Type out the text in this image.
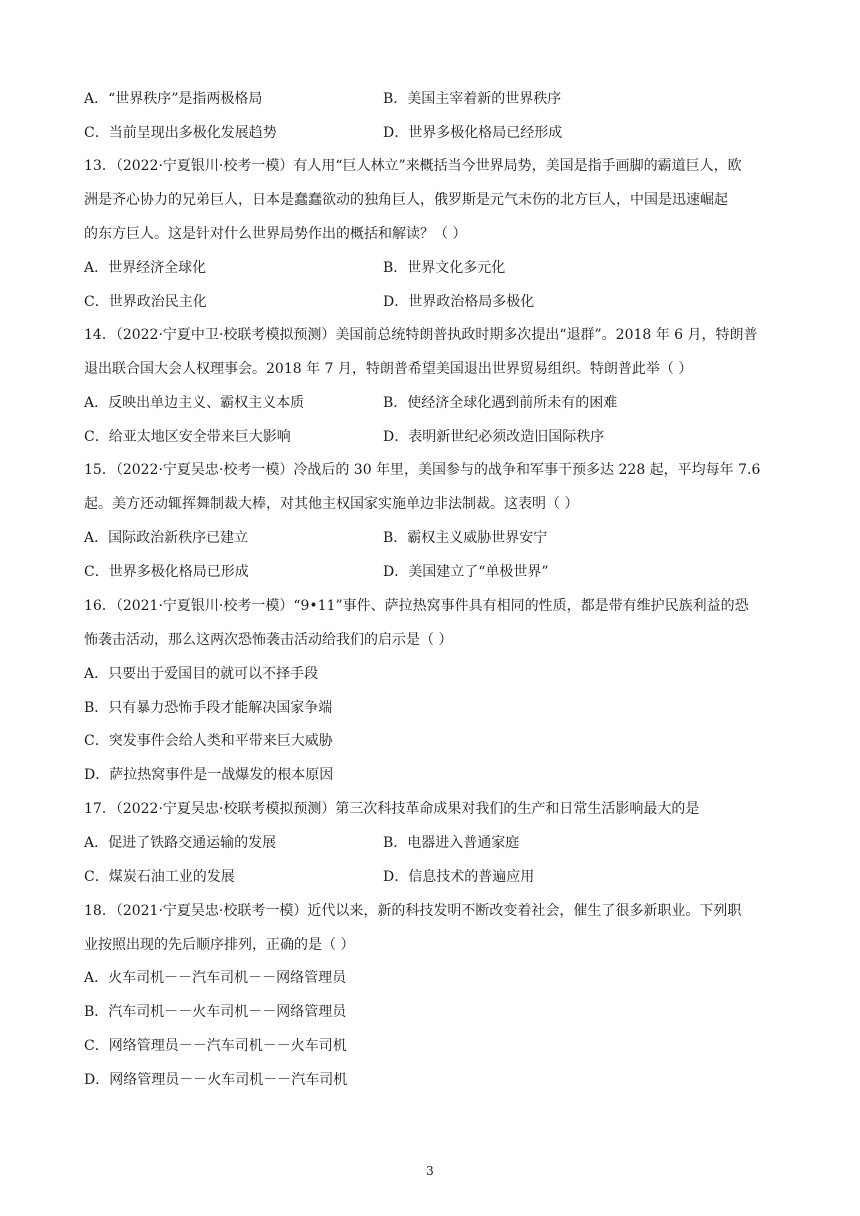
A．“世界秩序”是指两极格局	B．美国主宰着新的世界秩序
C．当前呈现出多极化发展趋势	D．世界多极化格局已经形成
13．（2022·宁夏银川·校考一模）有人用“巨人林立”来概括当今世界局势，美国是指手画脚的霸道巨人，欧
洲是齐心协力的兄弟巨人，日本是蠢蠢欲动的独角巨人，俄罗斯是元气未伤的北方巨人，中国是迅速崛起
的东方巨人。这是针对什么世界局势作出的概括和解读？（ ）
A．世界经济全球化	B．世界文化多元化
C．世界政治民主化	D．世界政治格局多极化
14．（2022·宁夏中卫·校联考模拟预测）美国前总统特朗普执政时期多次提出“退群”。2018 年 6 月，特朗普
退出联合国大会人权理事会。2018 年 7 月，特朗普希望美国退出世界贸易组织。特朗普此举（ ）
A．反映出单边主义、霸权主义本质	B．使经济全球化遇到前所未有的困难
C．给亚太地区安全带来巨大影响	D．表明新世纪必须改造旧国际秩序
15．（2022·宁夏吴忠·校考一模）冷战后的 30 年里，美国参与的战争和军事干预多达 228 起，平均每年 7.6
起。美方还动辄挥舞制裁大棒，对其他主权国家实施单边非法制裁。这表明（ ）
A．国际政治新秩序已建立	B．霸权主义威胁世界安宁
C．世界多极化格局已形成	D．美国建立了“单极世界”
16．（2021·宁夏银川·校考一模）“9•11”事件、萨拉热窝事件具有相同的性质，都是带有维护民族利益的恐
怖袭击活动，那么这两次恐怖袭击活动给我们的启示是（ ）
A．只要出于爱国目的就可以不择手段
B．只有暴力恐怖手段才能解决国家争端
C．突发事件会给人类和平带来巨大威胁
D．萨拉热窝事件是一战爆发的根本原因
17．（2022·宁夏吴忠·校联考模拟预测）第三次科技革命成果对我们的生产和日常生活影响最大的是
A．促进了铁路交通运输的发展	B．电器进入普通家庭
C．煤炭石油工业的发展	D．信息技术的普遍应用
18．（2021·宁夏吴忠·校联考一模）近代以来，新的科技发明不断改变着社会，催生了很多新职业。下列职
业按照出现的先后顺序排列，正确的是（ ）
A．火车司机－－汽车司机－－网络管理员
B．汽车司机－－火车司机－－网络管理员
C．网络管理员－－汽车司机－－火车司机
D．网络管理员－－火车司机－－汽车司机
3
